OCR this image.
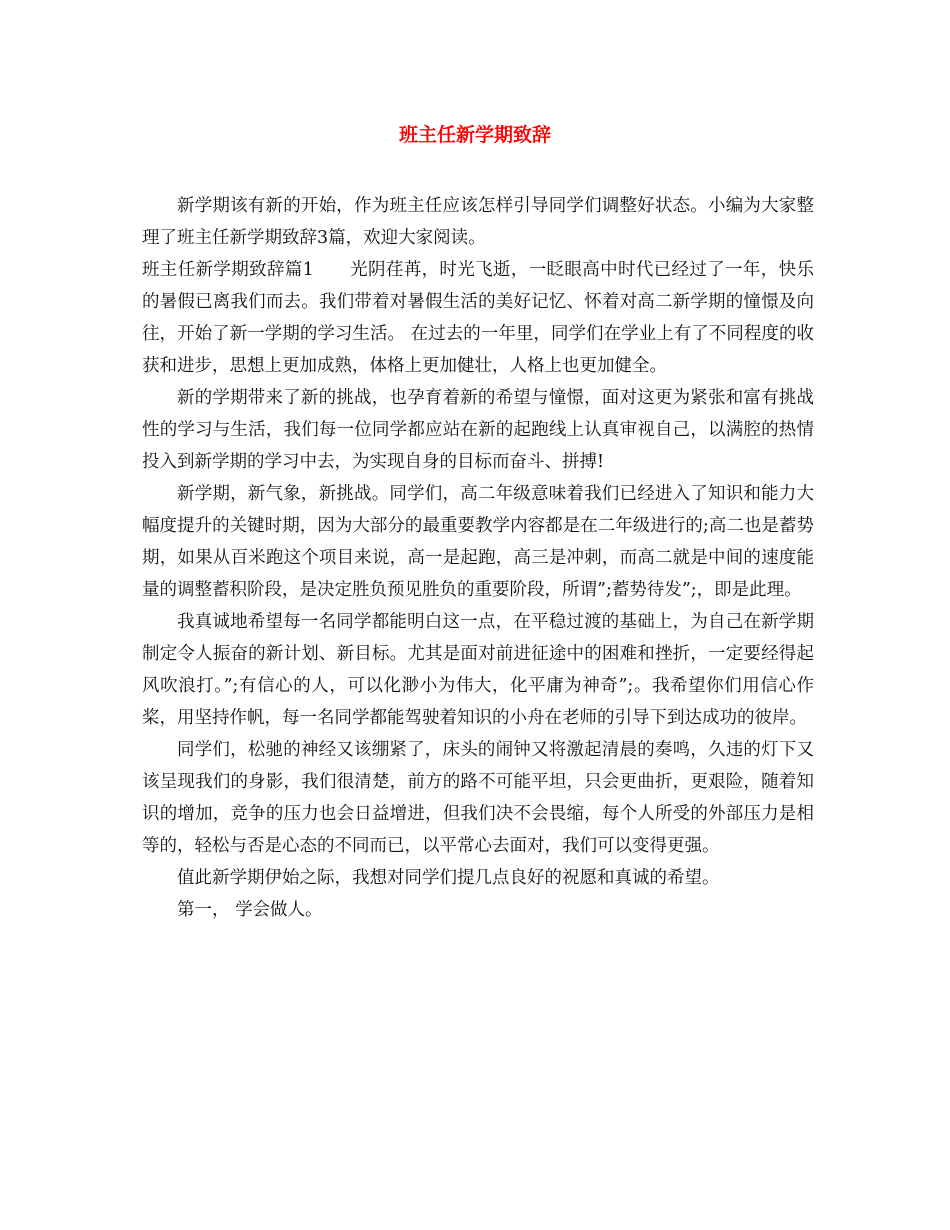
班主任新学期致辞

新学期该有新的开始，作为班主任应该怎样引导同学们调整好状态。小编为大家整理了班主任新学期致辞3篇，欢迎大家阅读。

班主任新学期致辞篇1 光阴荏苒，时光飞逝，一眨眼高中时代已经过了一年，快乐的暑假已离我们而去。我们带着对暑假生活的美好记忆、怀着对高二新学期的憧憬及向往，开始了新一学期的学习生活。 在过去的一年里，同学们在学业上有了不同程度的收获和进步，思想上更加成熟，体格上更加健壮，人格上也更加健全。

新的学期带来了新的挑战，也孕育着新的希望与憧憬，面对这更为紧张和富有挑战性的学习与生活，我们每一位同学都应站在新的起跑线上认真审视自己，以满腔的热情投入到新学期的学习中去，为实现自身的目标而奋斗、拼搏!

新学期，新气象，新挑战。同学们，高二年级意味着我们已经进入了知识和能力大幅度提升的关键时期，因为大部分的最重要教学内容都是在二年级进行的;高二也是蓄势期，如果从百米跑这个项目来说，高一是起跑，高三是冲刺，而高二就是中间的速度能量的调整蓄积阶段，是决定胜负预见胜负的重要阶段，所谓”;蓄势待发”;，即是此理。

我真诚地希望每一名同学都能明白这一点，在平稳过渡的基础上，为自己在新学期制定令人振奋的新计划、新目标。尤其是面对前进征途中的困难和挫折，一定要经得起风吹浪打。”;有信心的人，可以化渺小为伟大，化平庸为神奇”;。我希望你们用信心作桨，用坚持作帆，每一名同学都能驾驶着知识的小舟在老师的引导下到达成功的彼岸。

同学们，松驰的神经又该绷紧了，床头的闹钟又将激起清晨的奏鸣，久违的灯下又该呈现我们的身影，我们很清楚，前方的路不可能平坦，只会更曲折，更艰险，随着知识的增加，竞争的压力也会日益增进，但我们决不会畏缩，每个人所受的外部压力是相等的，轻松与否是心态的不同而已，以平常心去面对，我们可以变得更强。

值此新学期伊始之际，我想对同学们提几点良好的祝愿和真诚的希望。

第一， 学会做人。
